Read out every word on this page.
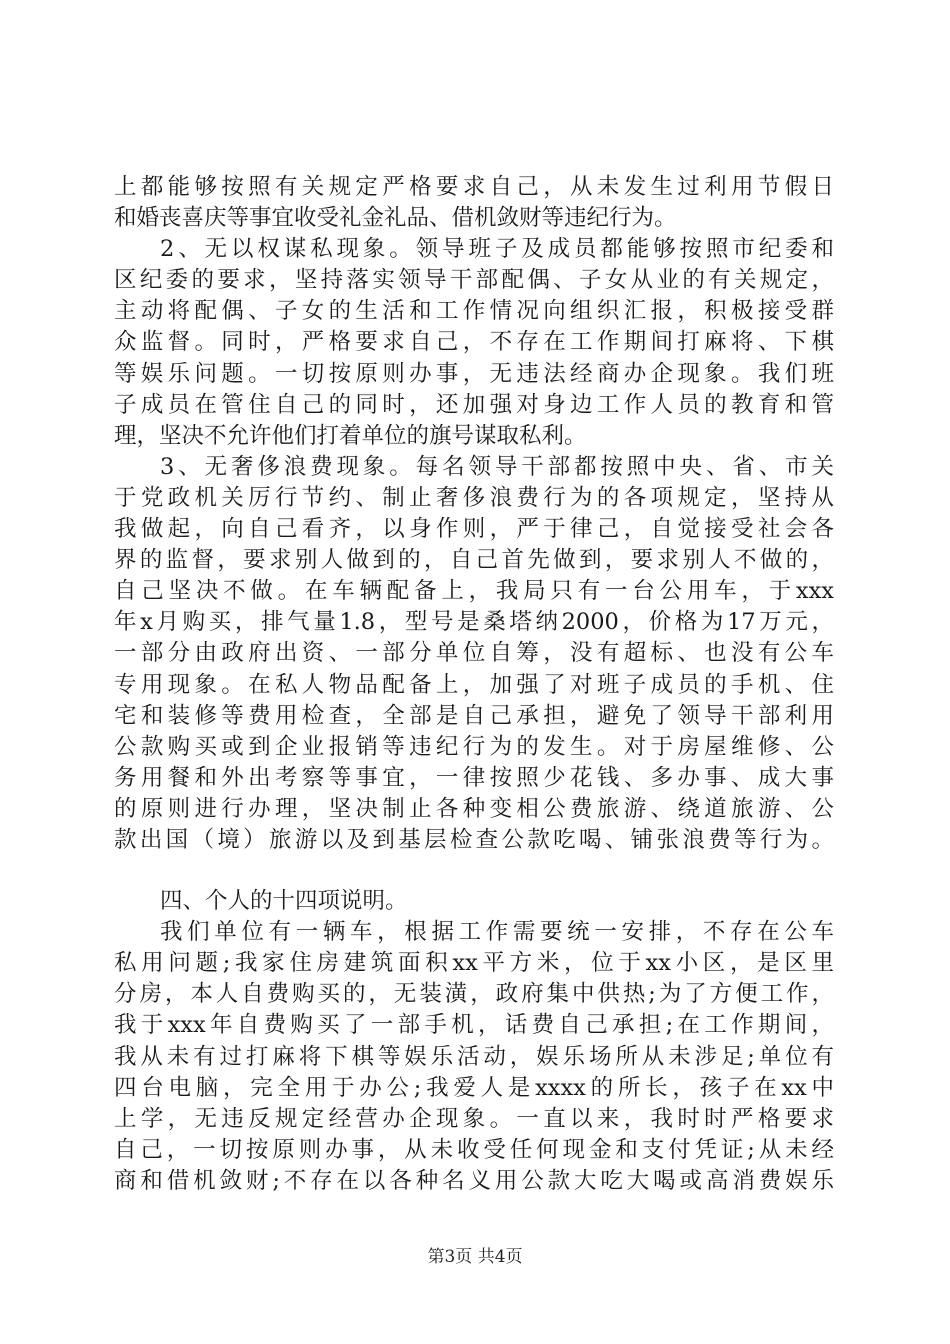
上都能够按照有关规定严格要求自己，从未发生过利用节假日
和婚丧喜庆等事宜收受礼金礼品、借机敛财等违纪行为。
2、无以权谋私现象。领导班子及成员都能够按照市纪委和
区纪委的要求，坚持落实领导干部配偶、子女从业的有关规定，
主动将配偶、子女的生活和工作情况向组织汇报，积极接受群
众监督。同时，严格要求自己，不存在工作期间打麻将、下棋
等娱乐问题。一切按原则办事，无违法经商办企现象。我们班
子成员在管住自己的同时，还加强对身边工作人员的教育和管
理，坚决不允许他们打着单位的旗号谋取私利。
3、无奢侈浪费现象。每名领导干部都按照中央、省、市关
于党政机关厉行节约、制止奢侈浪费行为的各项规定，坚持从
我做起，向自己看齐，以身作则，严于律己，自觉接受社会各
界的监督，要求别人做到的，自己首先做到，要求别人不做的，
自己坚决不做。在车辆配备上，我局只有一台公用车，于xxx
年x月购买，排气量1.8，型号是桑塔纳2000，价格为17万元，
一部分由政府出资、一部分单位自筹，没有超标、也没有公车
专用现象。在私人物品配备上，加强了对班子成员的手机、住
宅和装修等费用检查，全部是自己承担，避免了领导干部利用
公款购买或到企业报销等违纪行为的发生。对于房屋维修、公
务用餐和外出考察等事宜，一律按照少花钱、多办事、成大事
的原则进行办理，坚决制止各种变相公费旅游、绕道旅游、公
款出国（境）旅游以及到基层检查公款吃喝、铺张浪费等行为。
四、个人的十四项说明。
我们单位有一辆车，根据工作需要统一安排，不存在公车
私用问题;我家住房建筑面积xx平方米，位于xx小区，是区里
分房，本人自费购买的，无装潢，政府集中供热;为了方便工作，
我于xxx年自费购买了一部手机，话费自己承担;在工作期间，
我从未有过打麻将下棋等娱乐活动，娱乐场所从未涉足;单位有
四台电脑，完全用于办公;我爱人是xxxx的所长，孩子在xx中
上学，无违反规定经营办企现象。一直以来，我时时严格要求
自己，一切按原则办事，从未收受任何现金和支付凭证;从未经
商和借机敛财;不存在以各种名义用公款大吃大喝或高消费娱乐
第3页 共4页
